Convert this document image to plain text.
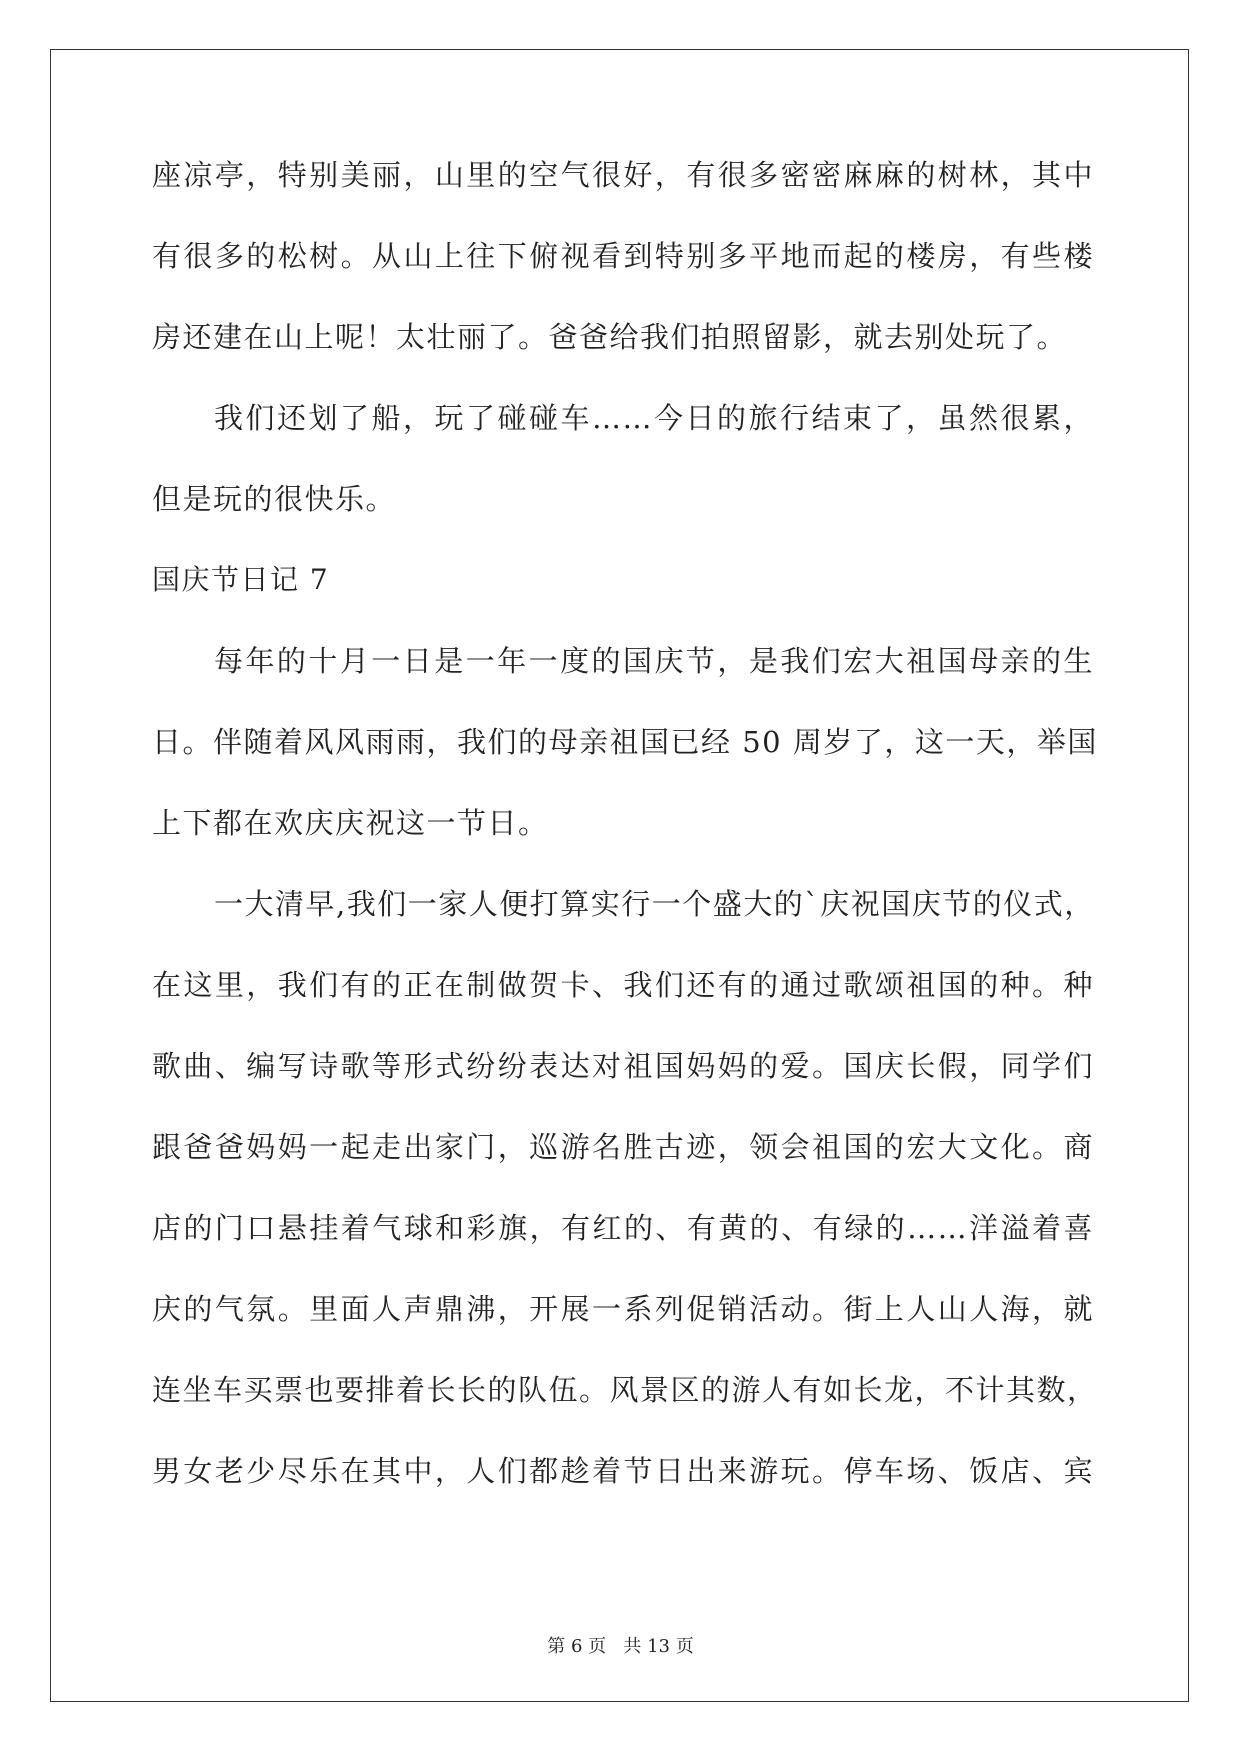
座凉亭，特别美丽，山里的空气很好，有很多密密麻麻的树林，其中
有很多的松树。从山上往下俯视看到特别多平地而起的楼房，有些楼
房还建在山上呢！太壮丽了。爸爸给我们拍照留影，就去别处玩了。
我们还划了船，玩了碰碰车……今日的旅行结束了，虽然很累，
但是玩的很快乐。
国庆节日记 7
每年的十月一日是一年一度的国庆节，是我们宏大祖国母亲的生
日。伴随着风风雨雨，我们的母亲祖国已经 50 周岁了，这一天，举国
上下都在欢庆庆祝这一节日。
一大清早,我们一家人便打算实行一个盛大的`庆祝国庆节的仪式，
在这里，我们有的正在制做贺卡、我们还有的通过歌颂祖国的种。种
歌曲、编写诗歌等形式纷纷表达对祖国妈妈的爱。国庆长假，同学们
跟爸爸妈妈一起走出家门，巡游名胜古迹，领会祖国的宏大文化。商
店的门口悬挂着气球和彩旗，有红的、有黄的、有绿的……洋溢着喜
庆的气氛。里面人声鼎沸，开展一系列促销活动。街上人山人海，就
连坐车买票也要排着长长的队伍。风景区的游人有如长龙，不计其数，
男女老少尽乐在其中，人们都趁着节日出来游玩。停车场、饭店、宾
第 6 页 共 13 页
